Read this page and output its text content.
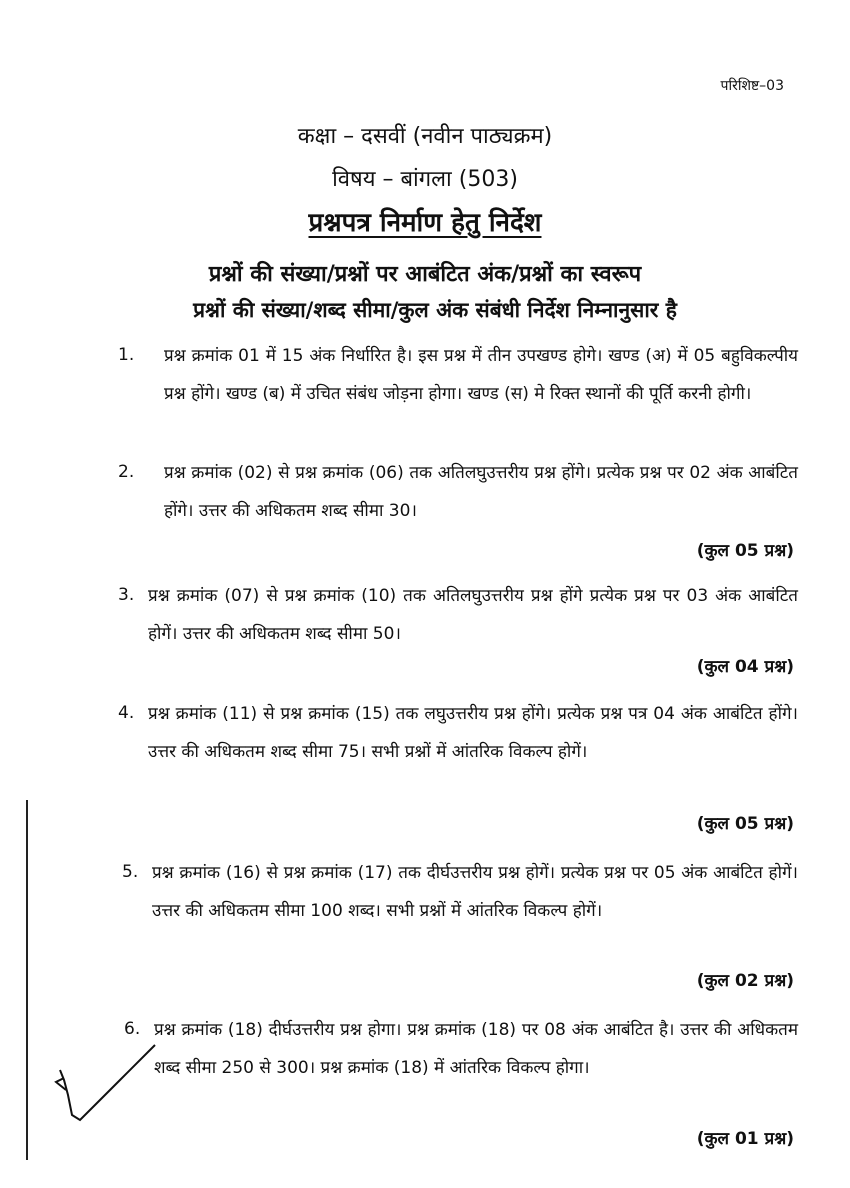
परिशिष्ट–03
कक्षा – दसवीं (नवीन पाठ्यक्रम)
विषय – बांगला (503)
प्रश्नपत्र निर्माण हेतु निर्देश
प्रश्नों की संख्या/प्रश्नों पर आबंटित अंक/प्रश्नों का स्वरूप
प्रश्नों की संख्या/शब्द सीमा/कुल अंक संबंधी निर्देश निम्नानुसार है
1.	प्रश्न क्रमांक 01 में 15 अंक निर्धारित है। इस प्रश्न में तीन उपखण्ड होगे। खण्ड (अ) में 05 बहुविकल्पीय प्रश्न होंगे। खण्ड (ब) में उचित संबंध जोड़ना होगा। खण्ड (स) मे रिक्त स्थानों की पूर्ति करनी होगी।
2.	प्रश्न क्रमांक (02) से प्रश्न क्रमांक (06) तक अतिलघुउत्तरीय प्रश्न होंगे। प्रत्येक प्रश्न पर 02 अंक आबंटित होंगे। उत्तर की अधिकतम शब्द सीमा 30।
(कुल 05 प्रश्न)
3. प्रश्न क्रमांक (07) से प्रश्न क्रमांक (10) तक अतिलघुउत्तरीय प्रश्न होंगे प्रत्येक प्रश्न पर 03 अंक आबंटित होगें। उत्तर की अधिकतम शब्द सीमा 50।
(कुल 04 प्रश्न)
4. प्रश्न क्रमांक (11) से प्रश्न क्रमांक (15) तक लघुउत्तरीय प्रश्न होंगे। प्रत्येक प्रश्न पत्र 04 अंक आबंटित होंगे। उत्तर की अधिकतम शब्द सीमा 75। सभी प्रश्नों में आंतरिक विकल्प होगें।
(कुल 05 प्रश्न)
5. प्रश्न क्रमांक (16) से प्रश्न क्रमांक (17) तक दीर्घउत्तरीय प्रश्न होगें। प्रत्येक प्रश्न पर 05 अंक आबंटित होगें। उत्तर की अधिकतम सीमा 100 शब्द। सभी प्रश्नों में आंतरिक विकल्प होगें।
(कुल 02 प्रश्न)
6. प्रश्न क्रमांक (18) दीर्घउत्तरीय प्रश्न होगा। प्रश्न क्रमांक (18) पर 08 अंक आबंटित है। उत्तर की अधिकतम शब्द सीमा 250 से 300। प्रश्न क्रमांक (18) में आंतरिक विकल्प होगा।
(कुल 01 प्रश्न)
